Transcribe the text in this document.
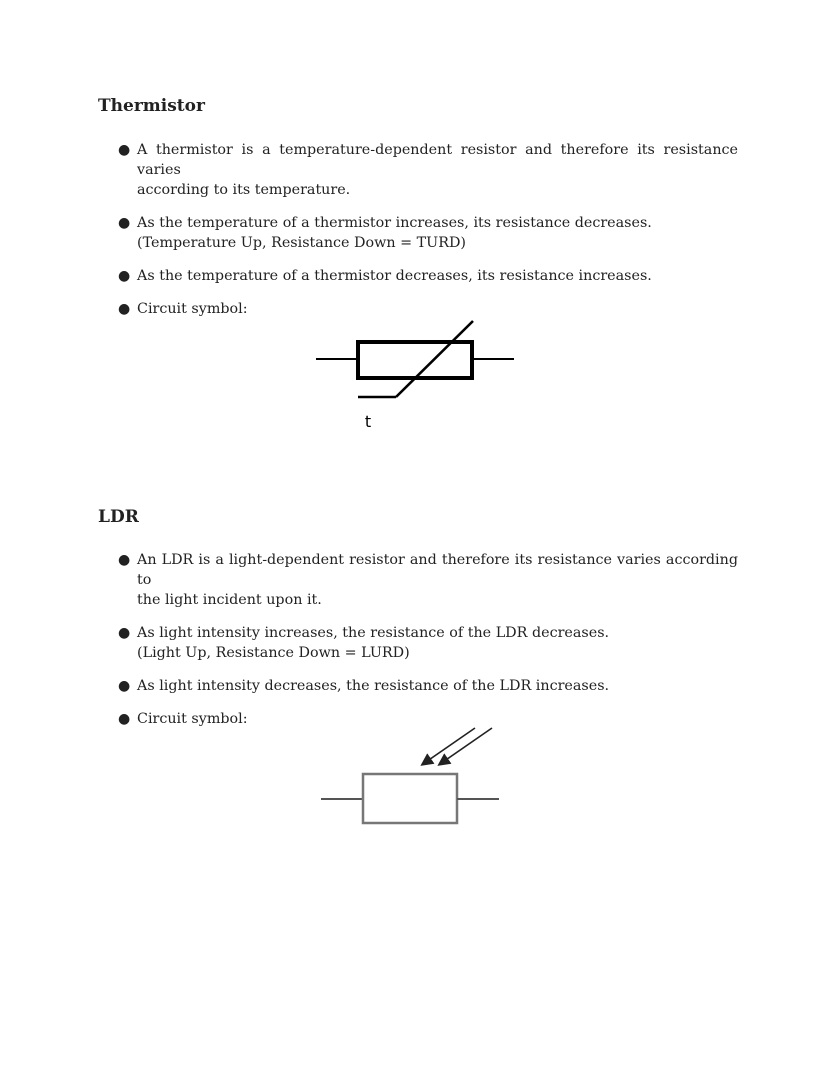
Thermistor
● A thermistor is a temperature-dependent resistor and therefore its resistance varies
according to its temperature.
● As the temperature of a thermistor increases, its resistance decreases.
(Temperature Up, Resistance Down = TURD)
● As the temperature of a thermistor decreases, its resistance increases.
● Circuit symbol:
t
LDR
● An LDR is a light-dependent resistor and therefore its resistance varies according to
the light incident upon it.
● As light intensity increases, the resistance of the LDR decreases.
(Light Up, Resistance Down = LURD)
● As light intensity decreases, the resistance of the LDR increases.
● Circuit symbol:
